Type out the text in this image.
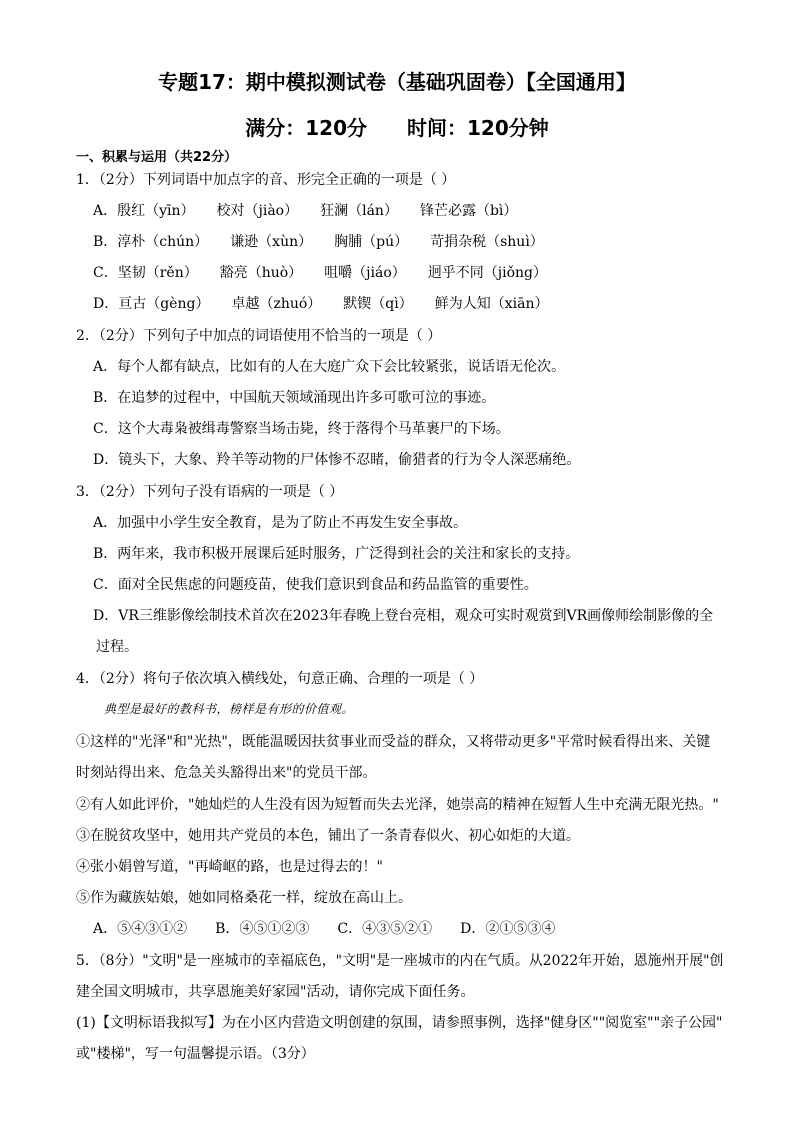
专题17：期中模拟测试卷（基础巩固卷）【全国通用】
满分：120分 时间：120分钟
一、积累与运用（共22分）
1．（2分）下列词语中加点字的音、形完全正确的一项是（ ）
A．殷红（yīn） 校对（jiào） 狂澜（lán） 锋芒必露（bì）
B．淳朴（chún） 谦逊（xùn） 胸脯（pú） 苛捐杂税（shuì）
C．坚韧（rěn） 豁亮（huò） 咀嚼（jiáo） 迥乎不同（jiǒng）
D．亘古（gèng） 卓越（zhuó） 默锲（qì） 鲜为人知（xiān）
2．（2分）下列句子中加点的词语使用不恰当的一项是（ ）
A．每个人都有缺点，比如有的人在大庭广众下会比较紧张，说话语无伦次。
B．在追梦的过程中，中国航天领域涌现出许多可歌可泣的事迹。
C．这个大毒枭被缉毒警察当场击毙，终于落得个马革裹尸的下场。
D．镜头下，大象、羚羊等动物的尸体惨不忍睹，偷猎者的行为令人深恶痛绝。
3．（2分）下列句子没有语病的一项是（ ）
A．加强中小学生安全教育，是为了防止不再发生安全事故。
B．两年来，我市积极开展课后延时服务，广泛得到社会的关注和家长的支持。
C．面对全民焦虑的问题疫苗，使我们意识到食品和药品监管的重要性。
D．VR三维影像绘制技术首次在2023年春晚上登台亮相，观众可实时观赏到VR画像师绘制影像的全
过程。
4．（2分）将句子依次填入横线处，句意正确、合理的一项是（ ）
典型是最好的教科书，榜样是有形的价值观。
①这样的"光泽"和"光热"，既能温暖因扶贫事业而受益的群众，又将带动更多"平常时候看得出来、关键
时刻站得出来、危急关头豁得出来"的党员干部。
②有人如此评价，"她灿烂的人生没有因为短暂而失去光泽，她崇高的精神在短暂人生中充满无限光热。"
③在脱贫攻坚中，她用共产党员的本色，铺出了一条青春似火、初心如炬的大道。
④张小娟曾写道，"再崎岖的路，也是过得去的！"
⑤作为藏族姑娘，她如同格桑花一样，绽放在高山上。
A．⑤④③①② B．④⑤①②③ C．④③⑤②① D．②①⑤③④
5．（8分）"文明"是一座城市的幸福底色，"文明"是一座城市的内在气质。从2022年开始，恩施州开展"创
建全国文明城市，共享恩施美好家园"活动，请你完成下面任务。
(1)【文明标语我拟写】为在小区内营造文明创建的氛围，请参照事例，选择"健身区""阅览室""亲子公园"
或"楼梯"，写一句温馨提示语。（3分）
